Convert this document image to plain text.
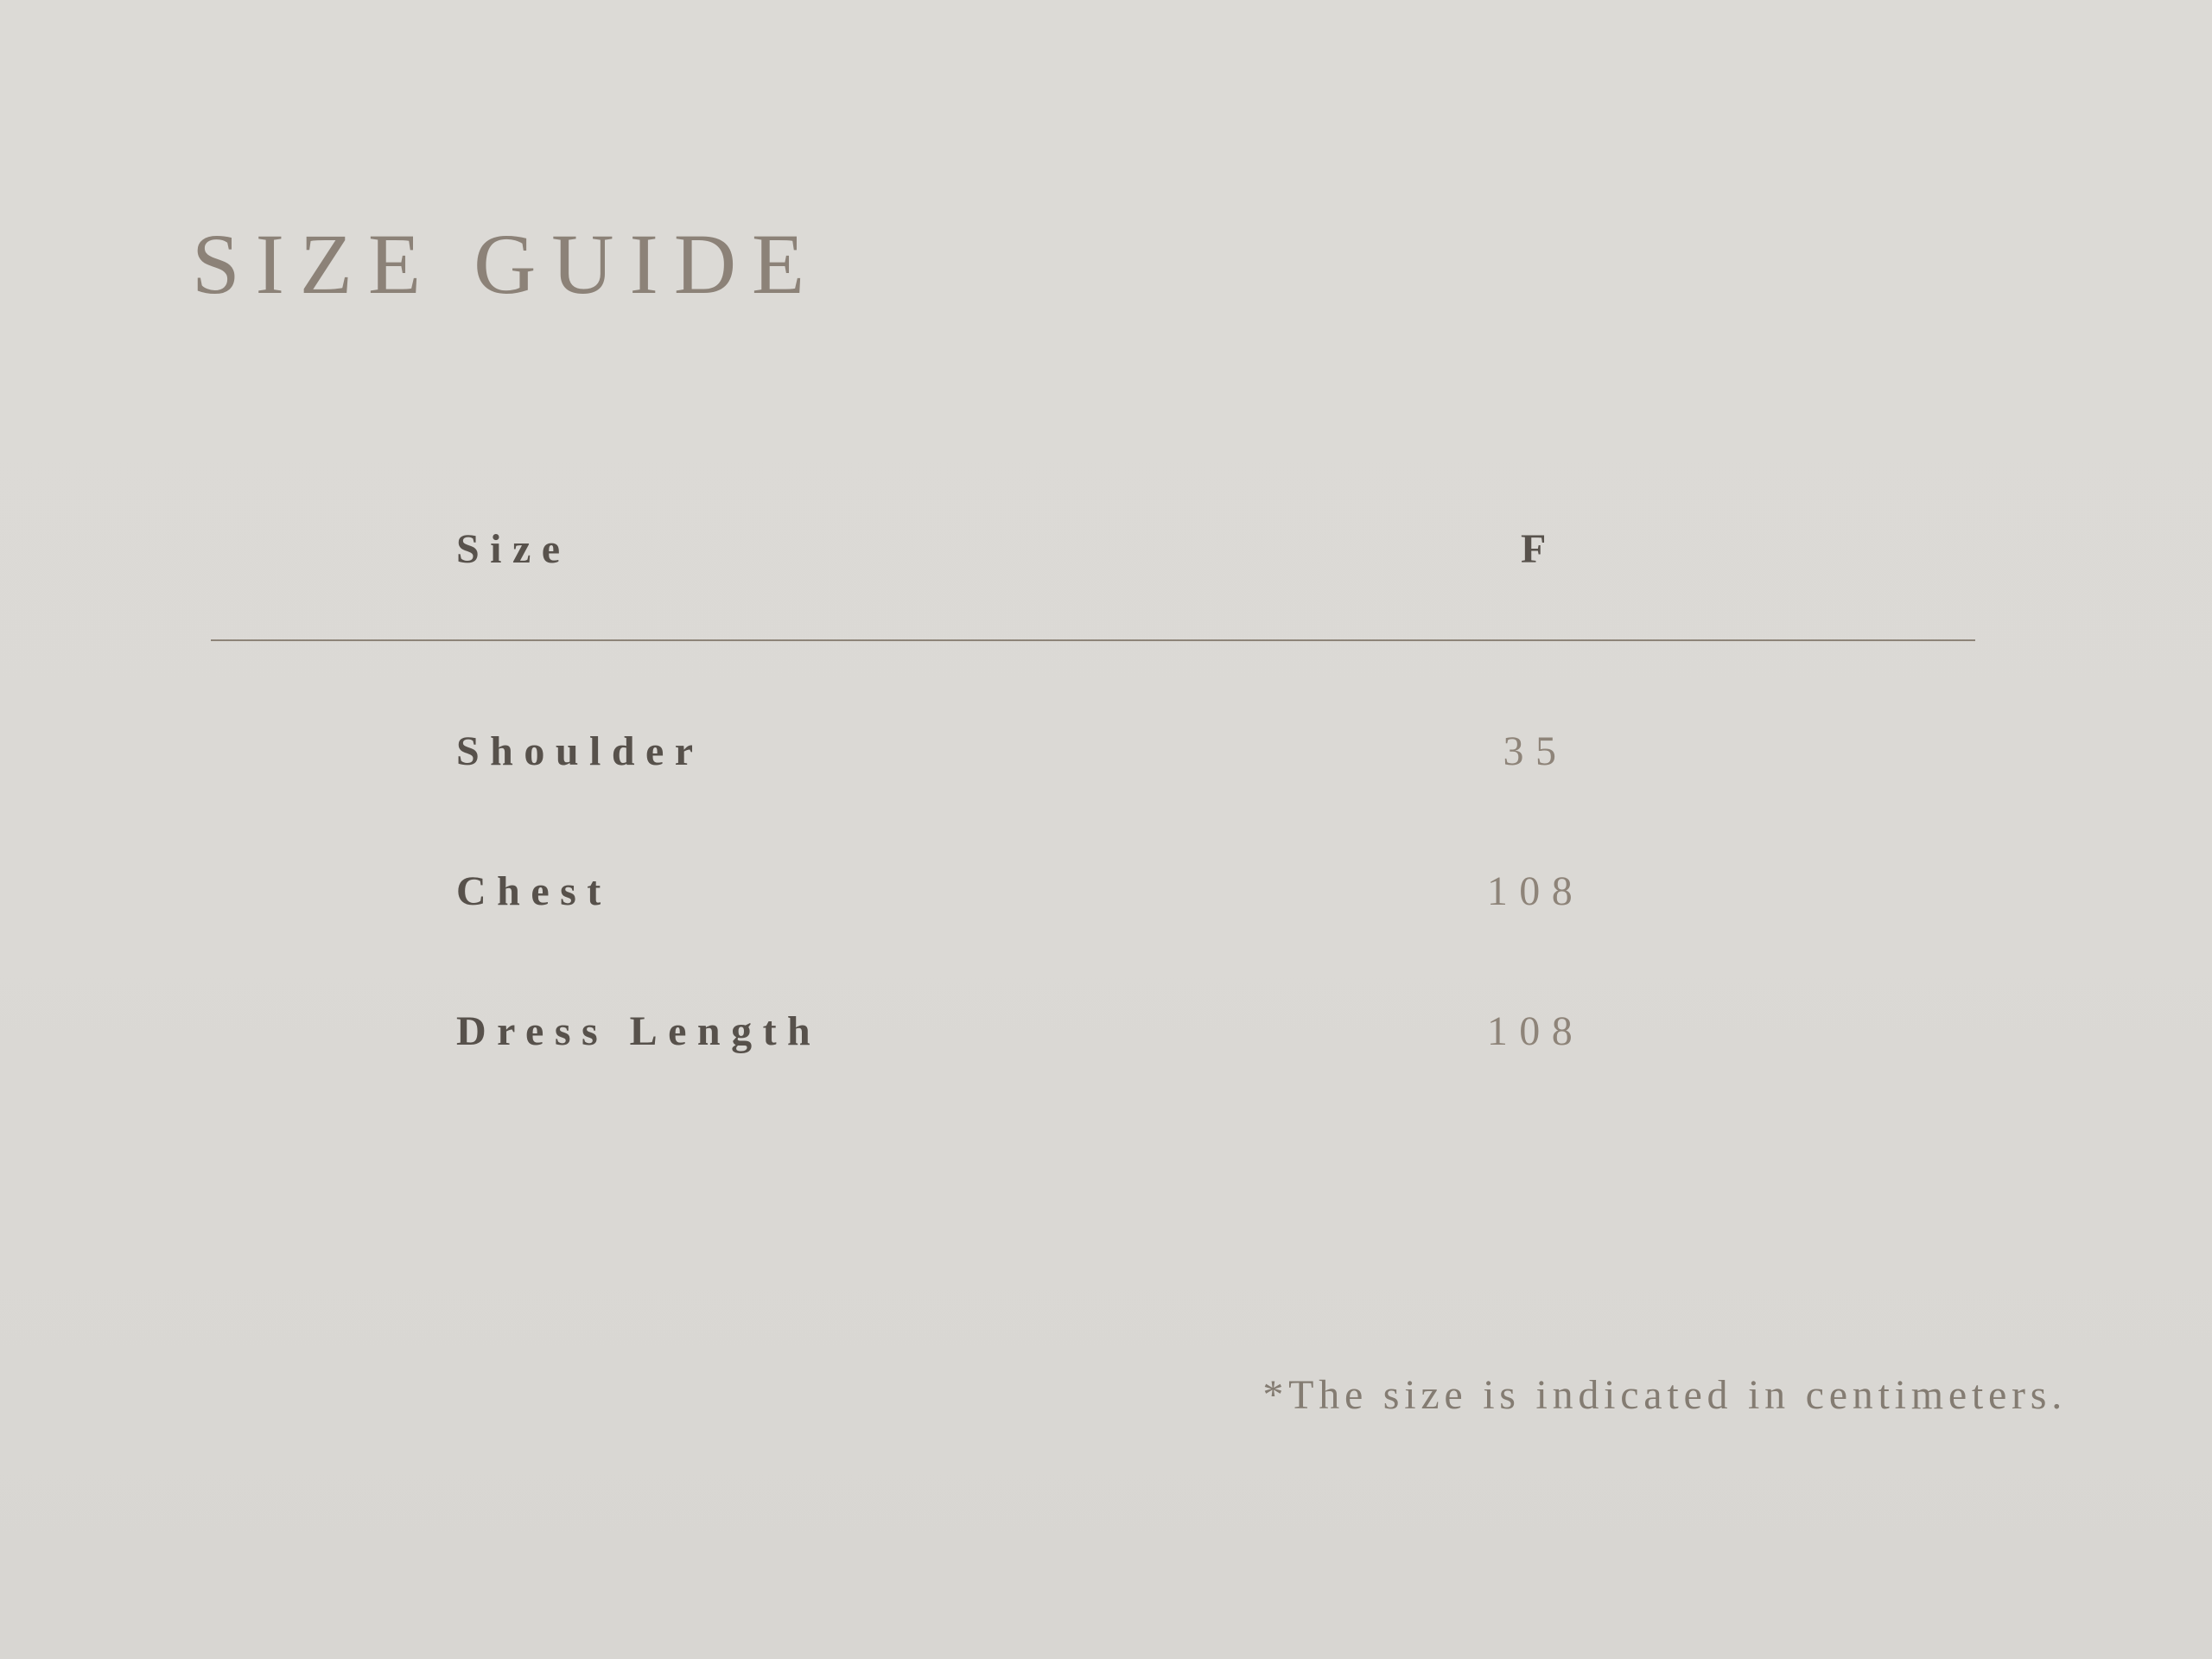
SIZE GUIDE
Size	F
Shoulder	35
Chest	108
Dress Length	108
*The size is indicated in centimeters.
